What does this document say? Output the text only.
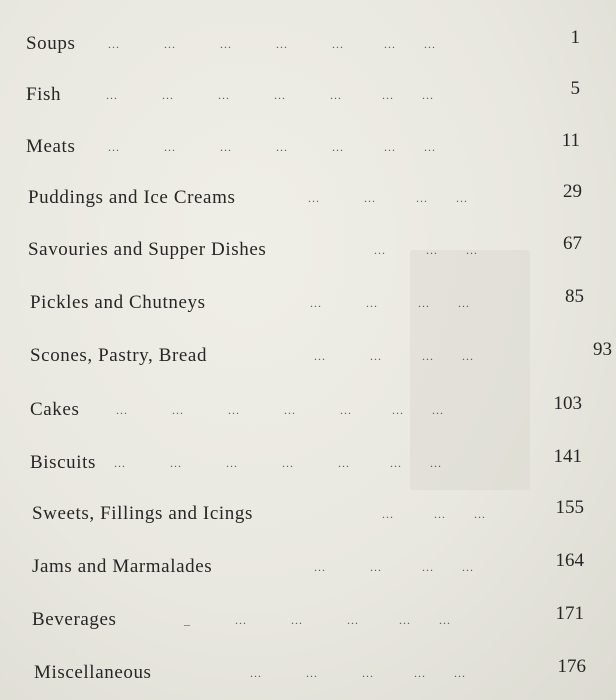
Soups	...           ...           ...           ...           ...          ...       ...	1
Fish	...           ...           ...           ...           ...          ...       ...	5
Meats	...           ...           ...           ...           ...          ...       ...	11
Puddings and Ice Creams	...           ...          ...       ...	29
Savouries and Supper Dishes	...          ...       ...	67
Pickles and Chutneys	...           ...          ...       ...	85
Scones, Pastry, Bread	...           ...          ...       ...	93
Cakes	...           ...           ...           ...           ...          ...       ...	103
Biscuits ...           ...           ...           ...           ...          ...       ...	141
Sweets, Fillings and Icings	...          ...       ...	155
Jams and Marmalades	...           ...          ...       ...	164
Beverages	_           ...           ...           ...          ...       ...	171
Miscellaneous	...           ...           ...          ...       ...	176
